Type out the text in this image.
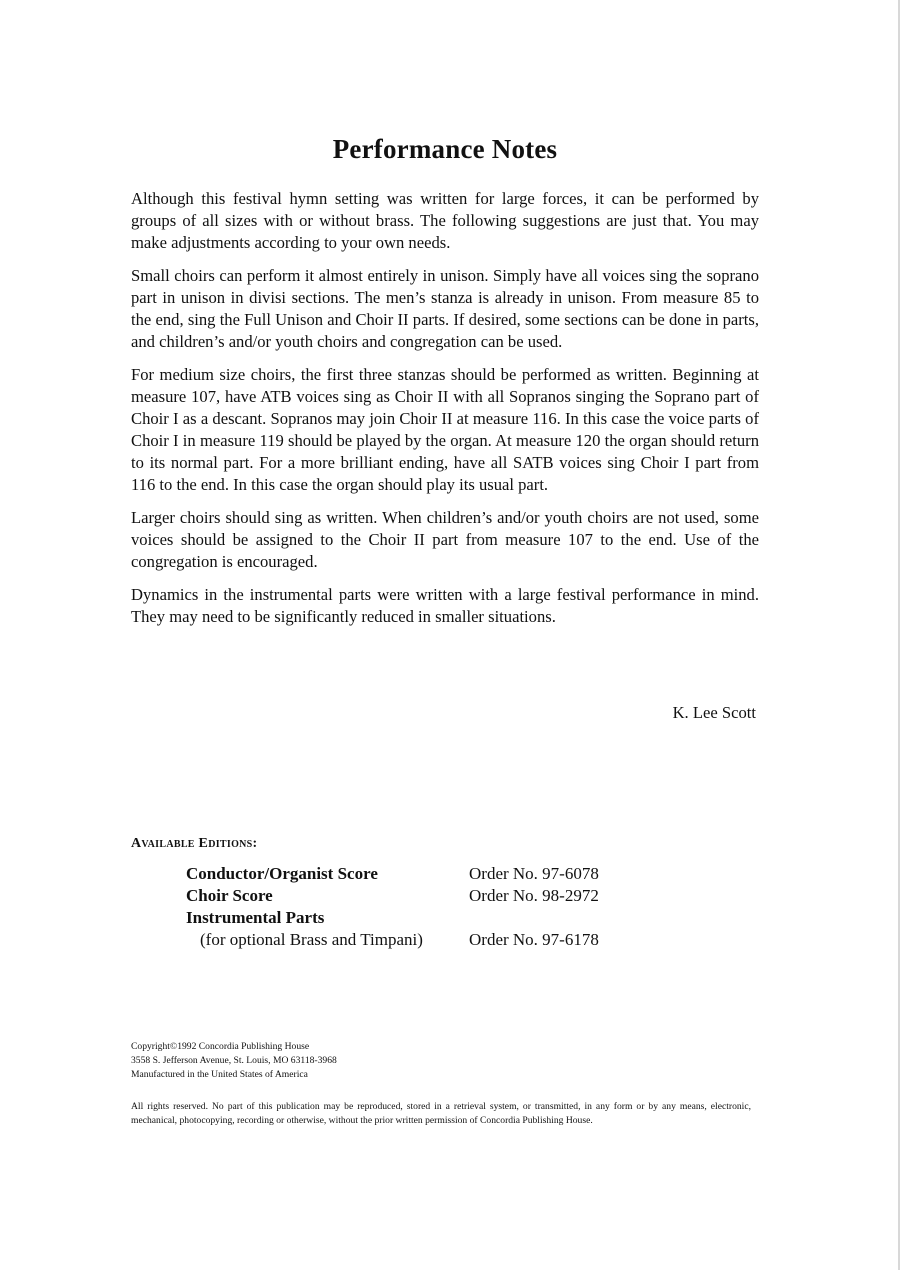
Performance Notes

Although this festival hymn setting was written for large forces, it can be performed by groups of all sizes with or without brass. The following suggestions are just that. You may make adjustments according to your own needs.

Small choirs can perform it almost entirely in unison. Simply have all voices sing the soprano part in unison in divisi sections. The men’s stanza is already in unison. From measure 85 to the end, sing the Full Unison and Choir II parts. If desired, some sections can be done in parts, and children’s and/or youth choirs and congregation can be used.

For medium size choirs, the first three stanzas should be performed as written. Beginning at measure 107, have ATB voices sing as Choir II with all Sopranos singing the Soprano part of Choir I as a descant. Sopranos may join Choir II at measure 116. In this case the voice parts of Choir I in measure 119 should be played by the organ. At measure 120 the organ should return to its normal part. For a more brilliant ending, have all SATB voices sing Choir I part from 116 to the end. In this case the organ should play its usual part.

Larger choirs should sing as written. When children’s and/or youth choirs are not used, some voices should be assigned to the Choir II part from measure 107 to the end. Use of the congregation is encouraged.

Dynamics in the instrumental parts were written with a large festival performance in mind. They may need to be significantly reduced in smaller situations.

K. Lee Scott
Available Editions:
Conductor/Organist Score	Order No. 97-6078
Choir Score	Order No. 98-2972
Instrumental Parts
(for optional Brass and Timpani)	Order No. 97-6178
Copyright©1992 Concordia Publishing House
3558 S. Jefferson Avenue, St. Louis, MO 63118-3968
Manufactured in the United States of America
All rights reserved. No part of this publication may be reproduced, stored in a retrieval system, or transmitted, in any form or by any means, electronic, mechanical, photocopying, recording or otherwise, without the prior written permission of Concordia Publishing House.
